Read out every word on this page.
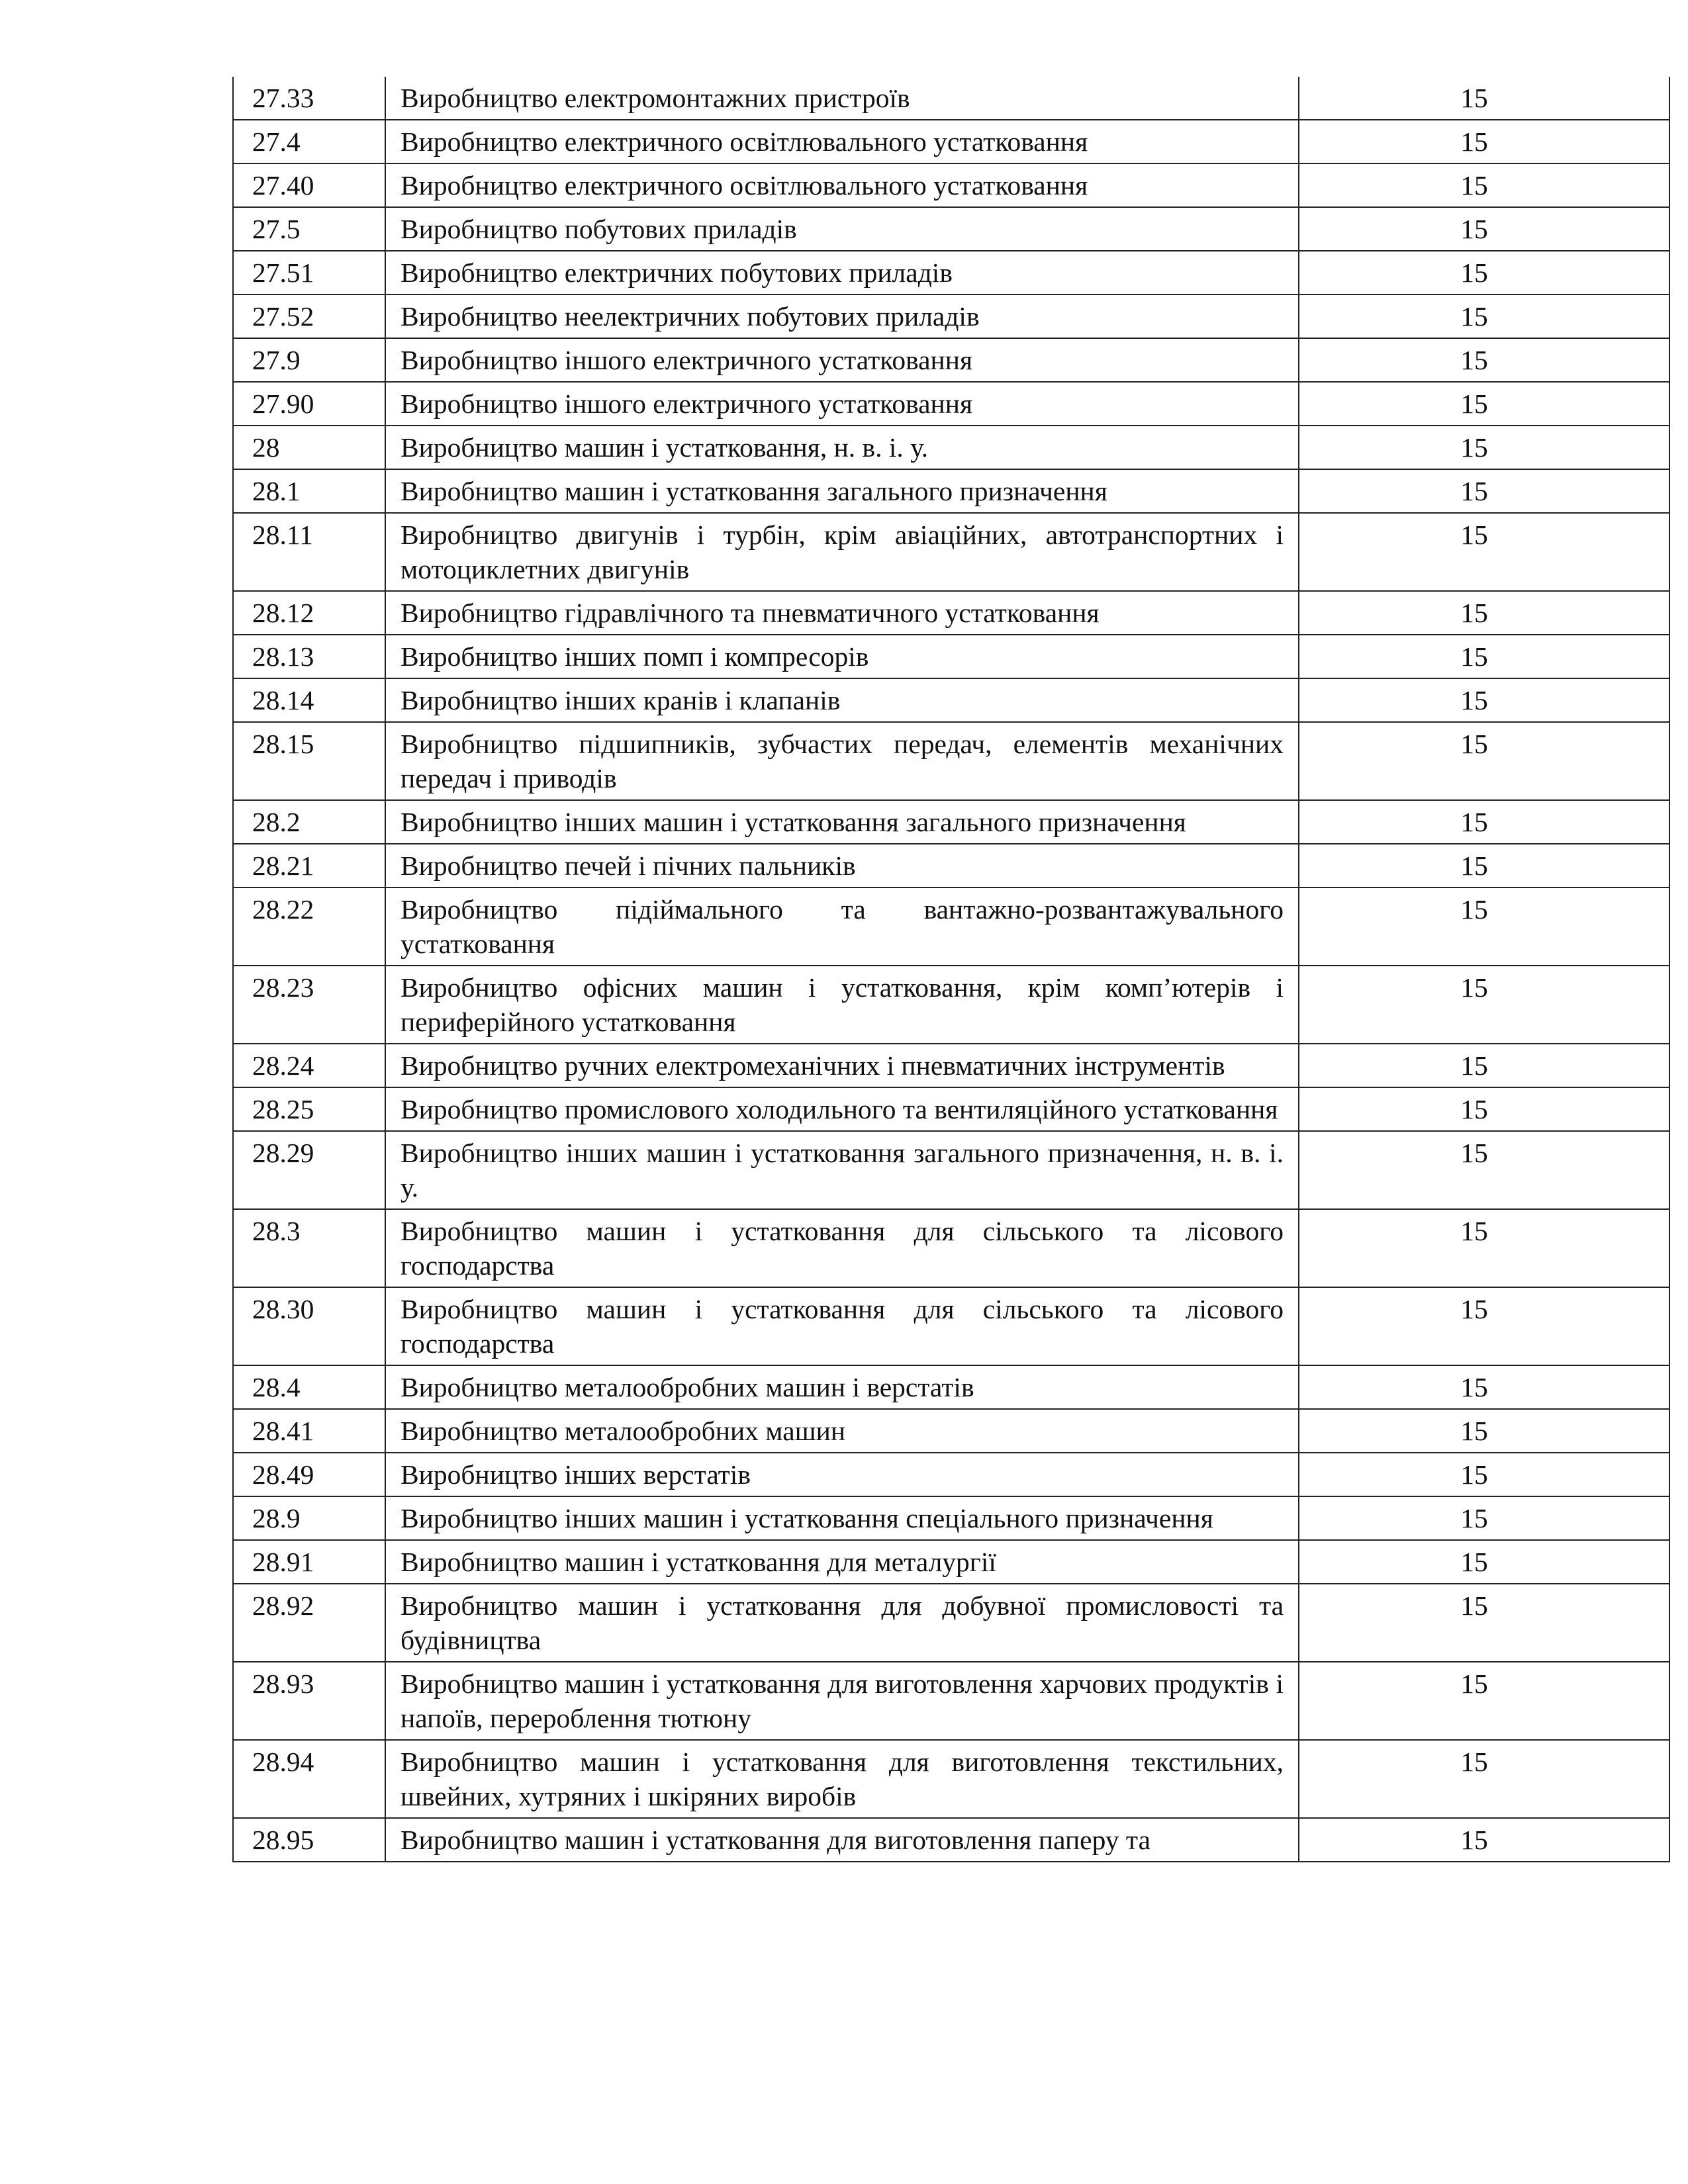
27.33	Виробництво електромонтажних пристроїв	15
27.4	Виробництво електричного освітлювального устатковання	15
27.40	Виробництво електричного освітлювального устатковання	15
27.5	Виробництво побутових приладів	15
27.51	Виробництво електричних побутових приладів	15
27.52	Виробництво неелектричних побутових приладів	15
27.9	Виробництво іншого електричного устатковання	15
27.90	Виробництво іншого електричного устатковання	15
28	Виробництво машин і устатковання, н. в. і. у.	15
28.1	Виробництво машин і устатковання загального призначення	15
28.11	Виробництво двигунів і турбін, крім авіаційних, автотранспортних і мотоциклетних двигунів	15
28.12	Виробництво гідравлічного та пневматичного устатковання	15
28.13	Виробництво інших помп і компресорів	15
28.14	Виробництво інших кранів і клапанів	15
28.15	Виробництво підшипників, зубчастих передач, елементів механічних передач і приводів	15
28.2	Виробництво інших машин і устатковання загального призначення	15
28.21	Виробництво печей і пічних пальників	15
28.22	Виробництво підіймального та вантажно-розвантажувального устатковання	15
28.23	Виробництво офісних машин і устатковання, крім комп’ютерів і периферійного устатковання	15
28.24	Виробництво ручних електромеханічних і пневматичних інструментів	15
28.25	Виробництво промислового холодильного та вентиляційного устатковання	15
28.29	Виробництво інших машин і устатковання загального призначення, н. в. і. у.	15
28.3	Виробництво машин і устатковання для сільського та лісового господарства	15
28.30	Виробництво машин і устатковання для сільського та лісового господарства	15
28.4	Виробництво металообробних машин і верстатів	15
28.41	Виробництво металообробних машин	15
28.49	Виробництво інших верстатів	15
28.9	Виробництво інших машин і устатковання спеціального призначення	15
28.91	Виробництво машин і устатковання для металургії	15
28.92	Виробництво машин і устатковання для добувної промисловості та будівництва	15
28.93	Виробництво машин і устатковання для виготовлення харчових продуктів і напоїв, перероблення тютюну	15
28.94	Виробництво машин і устатковання для виготовлення текстильних, швейних, хутряних і шкіряних виробів	15
28.95	Виробництво машин і устатковання для виготовлення паперу та	15
